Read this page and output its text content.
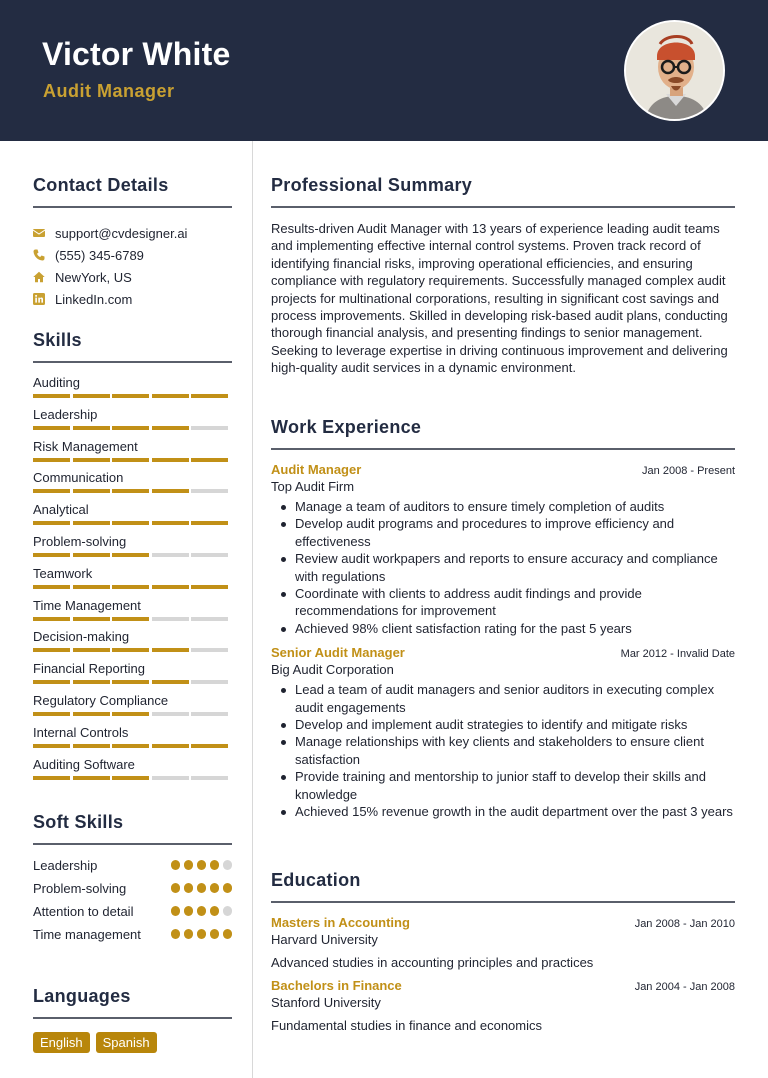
Victor White
Audit Manager
Contact Details
support@cvdesigner.ai
(555) 345-6789
NewYork, US
LinkedIn.com
Skills
Auditing
Leadership
Risk Management
Communication
Analytical
Problem-solving
Teamwork
Time Management
Decision-making
Financial Reporting
Regulatory Compliance
Internal Controls
Auditing Software
Soft Skills
Leadership
Problem-solving
Attention to detail
Time management
Languages
English	Spanish
Professional Summary
Results-driven Audit Manager with 13 years of experience leading audit teams and implementing effective internal control systems. Proven track record of identifying financial risks, improving operational efficiencies, and ensuring compliance with regulatory requirements. Successfully managed complex audit projects for multinational corporations, resulting in significant cost savings and process improvements. Skilled in developing risk-based audit plans, conducting thorough financial analysis, and presenting findings to senior management. Seeking to leverage expertise in driving continuous improvement and delivering high-quality audit services in a dynamic environment.
Work Experience
Audit Manager	Jan 2008 - Present
Top Audit Firm
Manage a team of auditors to ensure timely completion of audits
Develop audit programs and procedures to improve efficiency and effectiveness
Review audit workpapers and reports to ensure accuracy and compliance with regulations
Coordinate with clients to address audit findings and provide recommendations for improvement
Achieved 98% client satisfaction rating for the past 5 years
Senior Audit Manager	Mar 2012 - Invalid Date
Big Audit Corporation
Lead a team of audit managers and senior auditors in executing complex audit engagements
Develop and implement audit strategies to identify and mitigate risks
Manage relationships with key clients and stakeholders to ensure client satisfaction
Provide training and mentorship to junior staff to develop their skills and knowledge
Achieved 15% revenue growth in the audit department over the past 3 years
Education
Masters in Accounting	Jan 2008 - Jan 2010
Harvard University
Advanced studies in accounting principles and practices
Bachelors in Finance	Jan 2004 - Jan 2008
Stanford University
Fundamental studies in finance and economics
